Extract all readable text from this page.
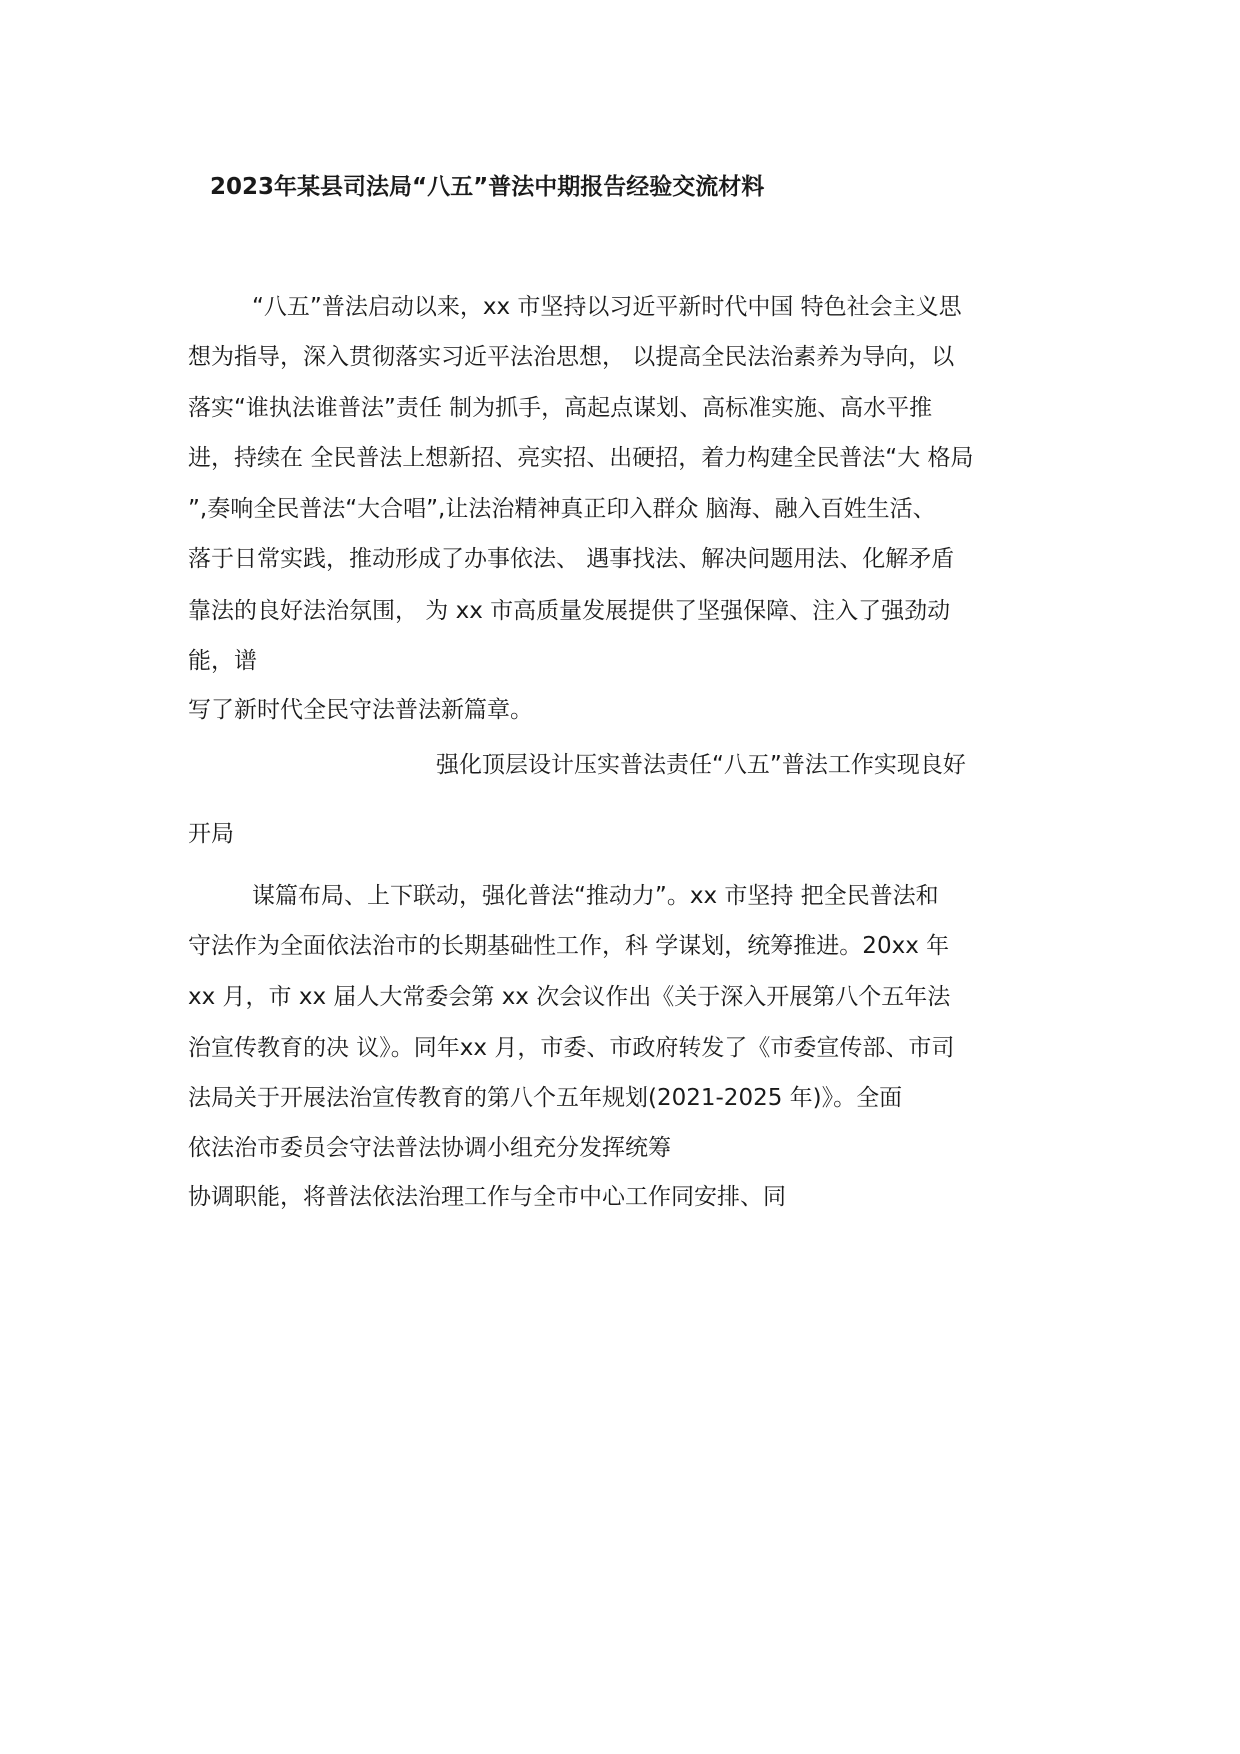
2023年某县司法局“八五”普法中期报告经验交流材料
“八五”普法启动以来，xx 市坚持以习近平新时代中国 特色社会主义思
想为指导，深入贯彻落实习近平法治思想， 以提高全民法治素养为导向，以
落实“谁执法谁普法”责任 制为抓手，高起点谋划、高标准实施、高水平推
进，持续在 全民普法上想新招、亮实招、出硬招，着力构建全民普法“大 格局
”,奏响全民普法“大合唱”,让法治精神真正印入群众 脑海、融入百姓生活、
落于日常实践，推动形成了办事依法、 遇事找法、解决问题用法、化解矛盾
靠法的良好法治氛围， 为 xx 市高质量发展提供了坚强保障、注入了强劲动
能，谱
写了新时代全民守法普法新篇章。
强化顶层设计压实普法责任“八五”普法工作实现良好
开局
谋篇布局、上下联动，强化普法“推动力”。xx 市坚持 把全民普法和
守法作为全面依法治市的长期基础性工作，科 学谋划，统筹推进。20xx 年
xx 月，市 xx 届人大常委会第 xx 次会议作出《关于深入开展第八个五年法
治宣传教育的决 议》。同年xx 月，市委、市政府转发了《市委宣传部、市司
法局关于开展法治宣传教育的第八个五年规划(2021-2025 年)》。全面
依法治市委员会守法普法协调小组充分发挥统筹
协调职能，将普法依法治理工作与全市中心工作同安排、同
